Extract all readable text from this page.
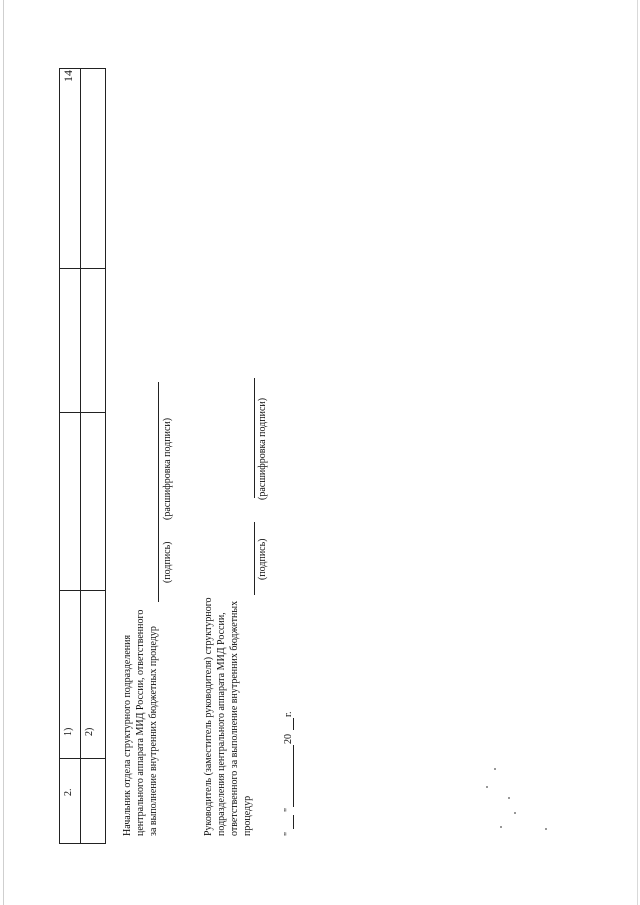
14
2.
1) 2)	Начальник отдела структурного подразделения центрального аппарата МИД России, ответственного за выполнение внутренних бюджетных процедур
(подпись)
(расшифровка подписи)
Руководитель (заместитель руководителя) структурного подразделения центрального аппарата МИД России, ответственного за выполнение внутренних бюджетных процедур
(подпись)
(расшифровка подписи)
"
"
20
г.
